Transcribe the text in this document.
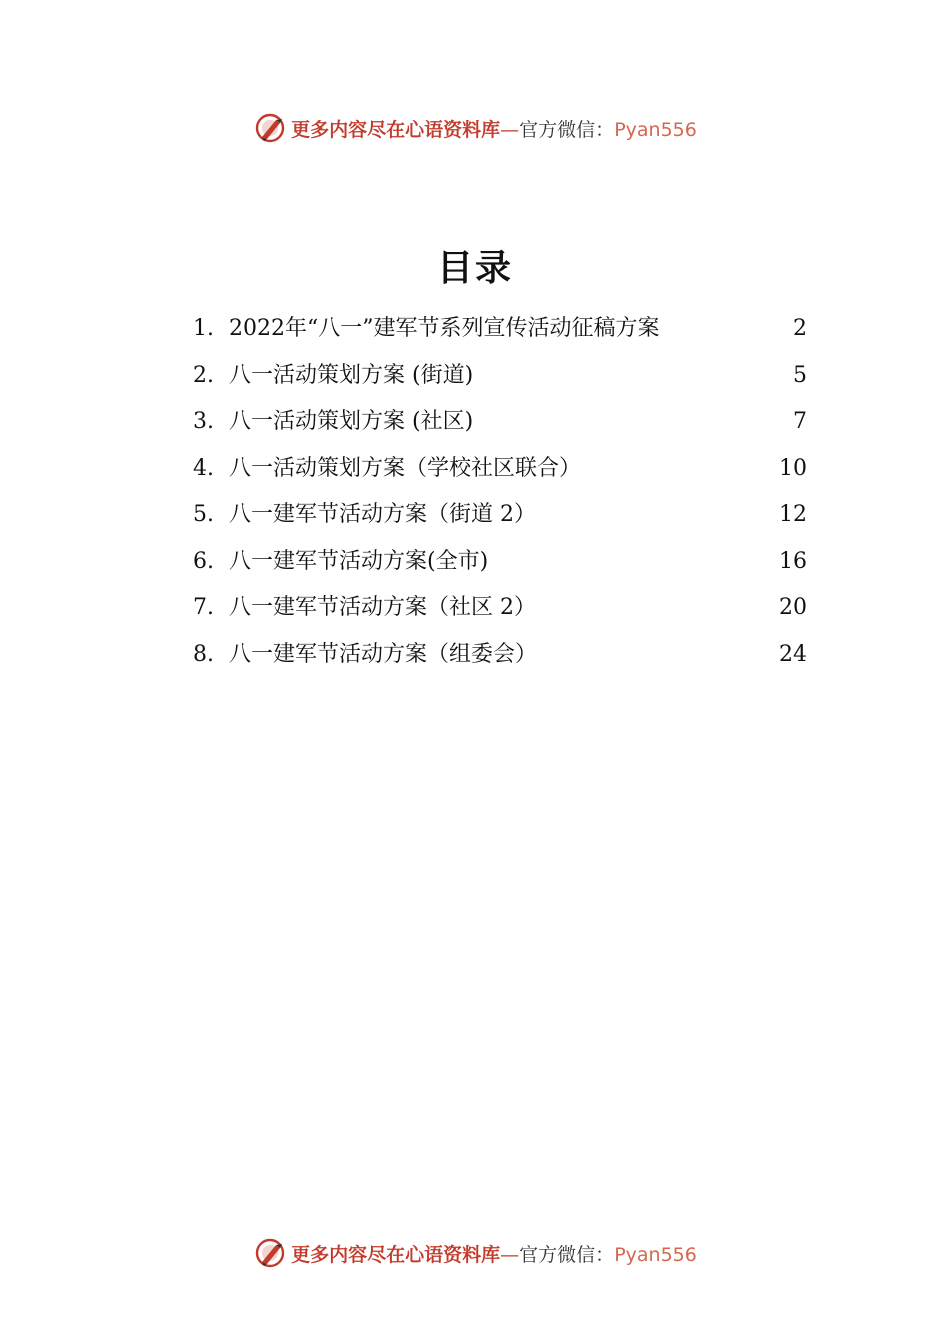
更多内容尽在心语资料库 — 官方微信： Pyan556
目录
1. 2022年“八一”建军节系列宣传活动征稿方案	2
2. 八一活动策划方案 (街道)	5
3. 八一活动策划方案 (社区)	7
4. 八一活动策划方案（学校社区联合）	10
5. 八一建军节活动方案（街道 2）	12
6. 八一建军节活动方案(全市)	16
7. 八一建军节活动方案（社区 2）	20
8. 八一建军节活动方案（组委会）	24
更多内容尽在心语资料库 — 官方微信： Pyan556
